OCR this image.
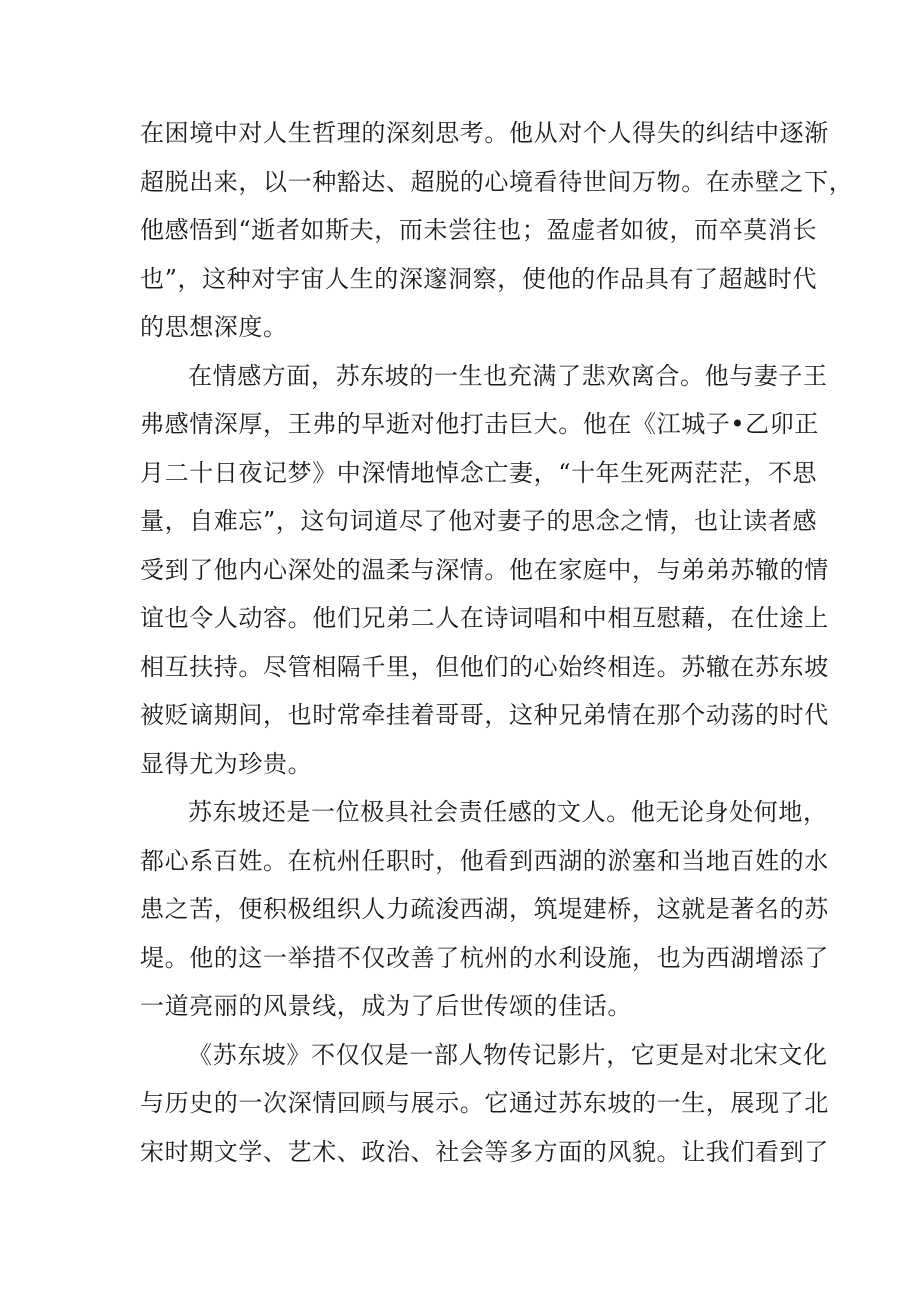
在困境中对人生哲理的深刻思考。他从对个人得失的纠结中逐渐
超脱出来，以一种豁达、超脱的心境看待世间万物。在赤壁之下，
他感悟到“逝者如斯夫，而未尝往也；盈虚者如彼，而卒莫消长
也”，这种对宇宙人生的深邃洞察，使他的作品具有了超越时代
的思想深度。
在情感方面，苏东坡的一生也充满了悲欢离合。他与妻子王
弗感情深厚，王弗的早逝对他打击巨大。他在《江城子•乙卯正
月二十日夜记梦》中深情地悼念亡妻，“十年生死两茫茫，不思
量，自难忘”，这句词道尽了他对妻子的思念之情，也让读者感
受到了他内心深处的温柔与深情。他在家庭中，与弟弟苏辙的情
谊也令人动容。他们兄弟二人在诗词唱和中相互慰藉，在仕途上
相互扶持。尽管相隔千里，但他们的心始终相连。苏辙在苏东坡
被贬谪期间，也时常牵挂着哥哥，这种兄弟情在那个动荡的时代
显得尤为珍贵。
苏东坡还是一位极具社会责任感的文人。他无论身处何地，
都心系百姓。在杭州任职时，他看到西湖的淤塞和当地百姓的水
患之苦，便积极组织人力疏浚西湖，筑堤建桥，这就是著名的苏
堤。他的这一举措不仅改善了杭州的水利设施，也为西湖增添了
一道亮丽的风景线，成为了后世传颂的佳话。
《苏东坡》不仅仅是一部人物传记影片，它更是对北宋文化
与历史的一次深情回顾与展示。它通过苏东坡的一生，展现了北
宋时期文学、艺术、政治、社会等多方面的风貌。让我们看到了
